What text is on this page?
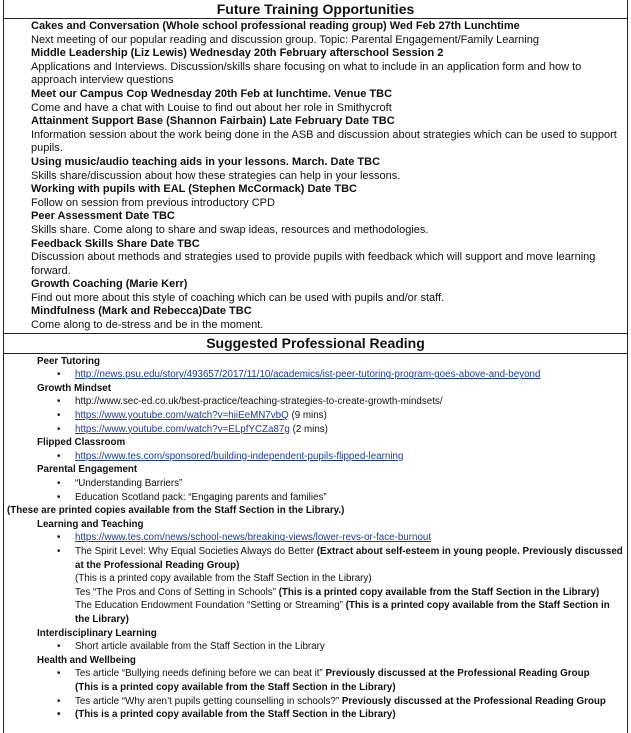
Future Training Opportunities
Cakes and Conversation (Whole school professional reading group) Wed Feb 27th Lunchtime
Next meeting of our popular reading and discussion group. Topic: Parental Engagement/Family Learning
Middle Leadership (Liz Lewis) Wednesday 20th February afterschool Session 2
Applications and Interviews. Discussion/skills share focusing on what to include in an application form and how to approach interview questions
Meet our Campus Cop Wednesday 20th Feb at lunchtime. Venue TBC
Come and have a chat with Louise to find out about her role in Smithycroft
Attainment Support Base (Shannon Fairbain) Late February Date TBC
Information session about the work being done in the ASB and discussion about strategies which can be used to support pupils.
Using music/audio teaching aids in your lessons. March. Date TBC
Skills share/discussion about how these strategies can help in your lessons.
Working with pupils with EAL (Stephen McCormack) Date TBC
Follow on session from previous introductory CPD
Peer Assessment Date TBC
Skills share. Come along to share and swap ideas, resources and methodologies.
Feedback Skills Share Date TBC
Discussion about methods and strategies used to provide pupils with feedback which will support and move learning forward.
Growth Coaching (Marie Kerr)
Find out more about this style of coaching which can be used with pupils and/or staff.
Mindfulness (Mark and Rebecca)Date TBC
Come along to de-stress and be in the moment.
Suggested Professional Reading
Peer Tutoring
• http://news.psu.edu/story/493657/2017/11/10/academics/ist-peer-tutoring-program-goes-above-and-beyond
Growth Mindset
• http://www.sec-ed.co.uk/best-practice/teaching-strategies-to-create-growth-mindsets/
• https://www.youtube.com/watch?v=hiiEeMN7vbQ (9 mins)
• https://www.youtube.com/watch?v=ELpfYCZa87g (2 mins)
Flipped Classroom
• https://www.tes.com/sponsored/building-independent-pupils-flipped-learning
Parental Engagement
• “Understanding Barriers”
• Education Scotland pack: “Engaging parents and families”
(These are printed copies available from the Staff Section in the Library.)
Learning and Teaching
• https://www.tes.com/news/school-news/breaking-views/lower-revs-or-face-burnout
• The Spirit Level: Why Equal Societies Always do Better (Extract about self-esteem in young people. Previously discussed at the Professional Reading Group)
(This is a printed copy available from the Staff Section in the Library)
Tes “The Pros and Cons of Setting in Schools” (This is a printed copy available from the Staff Section in the Library)
The Education Endowment Foundation “Setting or Streaming” (This is a printed copy available from the Staff Section in the Library)
Interdisciplinary Learning
• Short article available from the Staff Section in the Library
Health and Wellbeing
• Tes article “Bullying needs defining before we can beat it” Previously discussed at the Professional Reading Group
(This is a printed copy available from the Staff Section in the Library)
• Tes article “Why aren’t pupils getting counselling in schools?” Previously discussed at the Professional Reading Group
• (This is a printed copy available from the Staff Section in the Library)
